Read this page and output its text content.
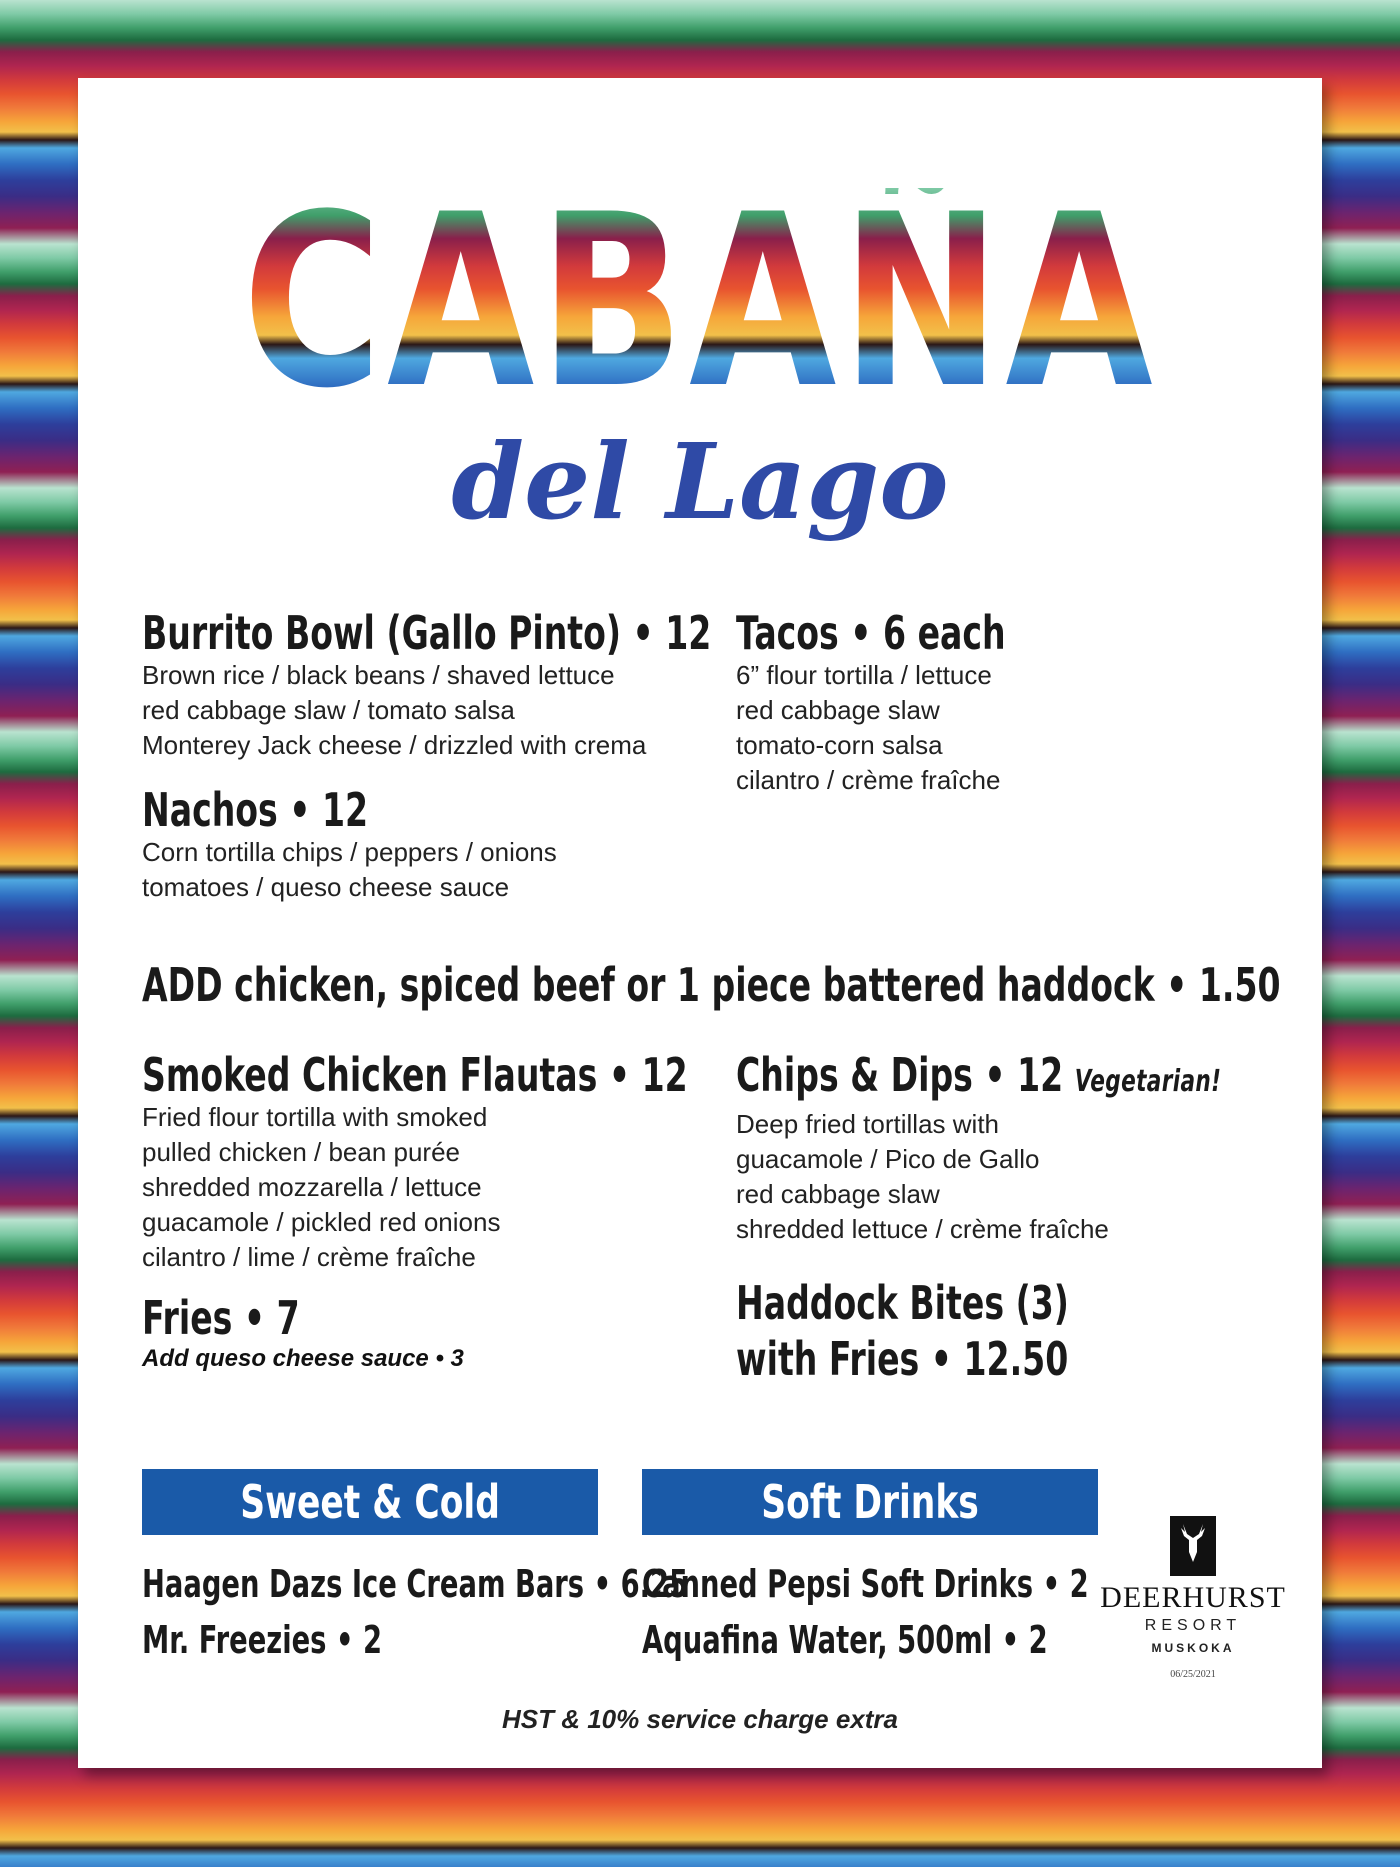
CABAÑA
del Lago
Burrito Bowl (Gallo Pinto) • 12
Brown rice / black beans / shaved lettuce
red cabbage slaw / tomato salsa
Monterey Jack cheese / drizzled with crema
Nachos • 12
Corn tortilla chips / peppers / onions
tomatoes / queso cheese sauce
Tacos • 6 each
6” flour tortilla / lettuce
red cabbage slaw
tomato-corn salsa
cilantro / crème fraîche
ADD chicken, spiced beef or 1 piece battered haddock • 1.50
Smoked Chicken Flautas • 12
Fried flour tortilla with smoked
pulled chicken / bean purée
shredded mozzarella / lettuce
guacamole / pickled red onions
cilantro / lime / crème fraîche
Fries • 7
Add queso cheese sauce • 3
Chips & Dips • 12 Vegetarian!
Deep fried tortillas with
guacamole / Pico de Gallo
red cabbage slaw
shredded lettuce / crème fraîche
Haddock Bites (3)
with Fries • 12.50
Sweet & Cold	Soft Drinks
Haagen Dazs Ice Cream Bars • 6.25
Mr. Freezies • 2
Canned Pepsi Soft Drinks • 2
Aquafina Water, 500ml • 2
DEERHURST
RESORT
MUSKOKA
06/25/2021
HST & 10% service charge extra
